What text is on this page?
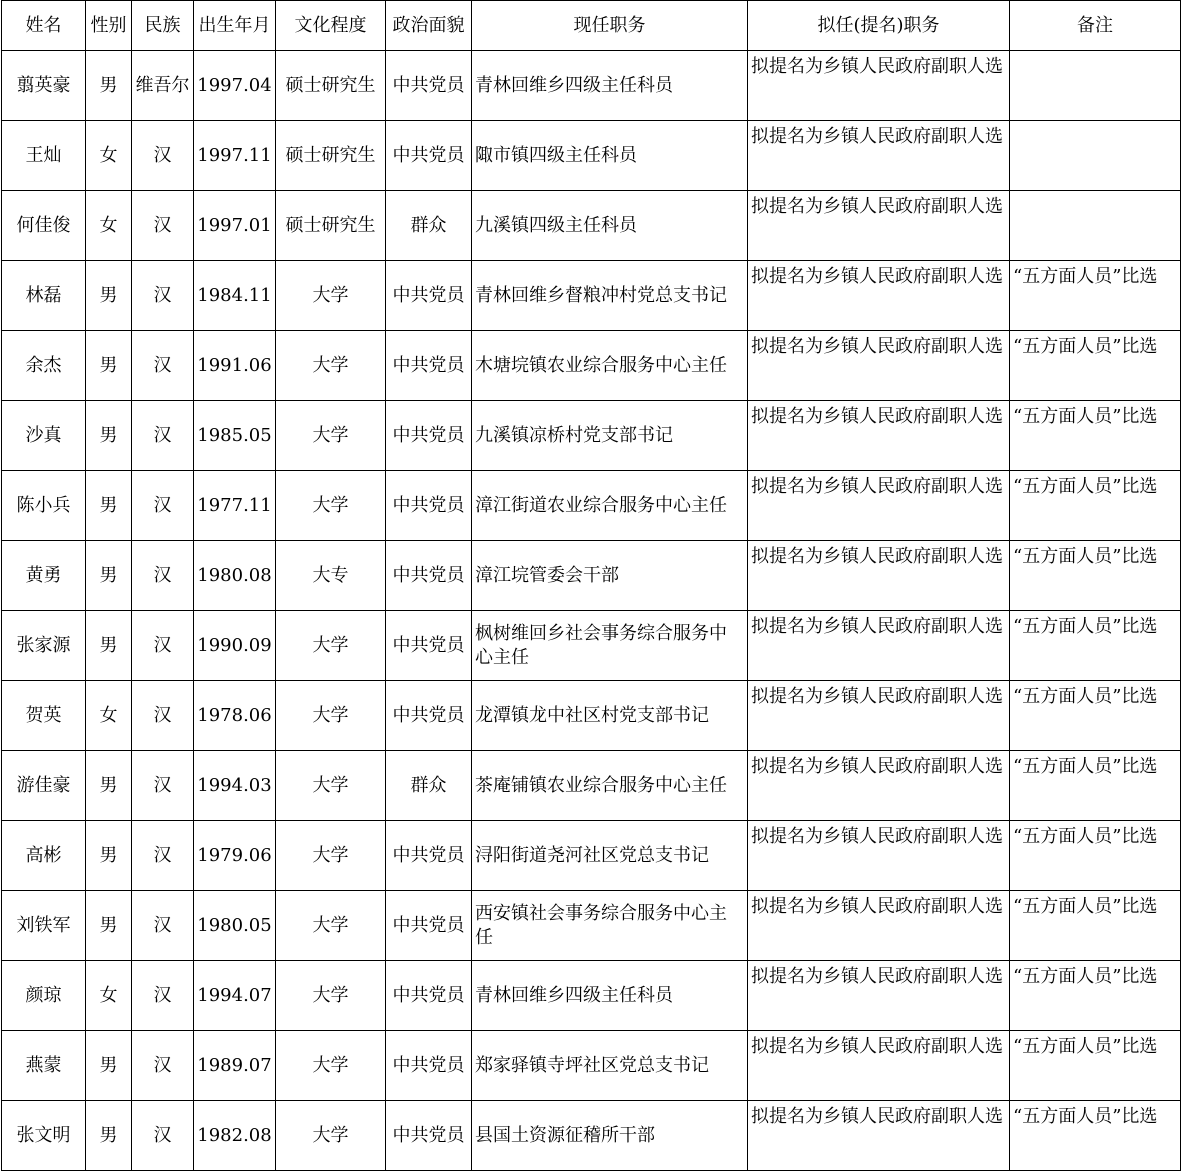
姓名	性别	民族	出生年月	文化程度	政治面貌	现任职务	拟任(提名)职务	备注
翦英豪	男	维吾尔	1997.04	硕士研究生	中共党员	青林回维乡四级主任科员	拟提名为乡镇人民政府副职人选	
王灿	女	汉	1997.11	硕士研究生	中共党员	陬市镇四级主任科员	拟提名为乡镇人民政府副职人选	
何佳俊	女	汉	1997.01	硕士研究生	群众	九溪镇四级主任科员	拟提名为乡镇人民政府副职人选	
林磊	男	汉	1984.11	大学	中共党员	青林回维乡督粮冲村党总支书记	拟提名为乡镇人民政府副职人选	“五方面人员”比选
余杰	男	汉	1991.06	大学	中共党员	木塘垸镇农业综合服务中心主任	拟提名为乡镇人民政府副职人选	“五方面人员”比选
沙真	男	汉	1985.05	大学	中共党员	九溪镇凉桥村党支部书记	拟提名为乡镇人民政府副职人选	“五方面人员”比选
陈小兵	男	汉	1977.11	大学	中共党员	漳江街道农业综合服务中心主任	拟提名为乡镇人民政府副职人选	“五方面人员”比选
黄勇	男	汉	1980.08	大专	中共党员	漳江垸管委会干部	拟提名为乡镇人民政府副职人选	“五方面人员”比选
张家源	男	汉	1990.09	大学	中共党员	枫树维回乡社会事务综合服务中心主任	拟提名为乡镇人民政府副职人选	“五方面人员”比选
贺英	女	汉	1978.06	大学	中共党员	龙潭镇龙中社区村党支部书记	拟提名为乡镇人民政府副职人选	“五方面人员”比选
游佳豪	男	汉	1994.03	大学	群众	茶庵铺镇农业综合服务中心主任	拟提名为乡镇人民政府副职人选	“五方面人员”比选
高彬	男	汉	1979.06	大学	中共党员	浔阳街道尧河社区党总支书记	拟提名为乡镇人民政府副职人选	“五方面人员”比选
刘铁军	男	汉	1980.05	大学	中共党员	西安镇社会事务综合服务中心主任	拟提名为乡镇人民政府副职人选	“五方面人员”比选
颜琼	女	汉	1994.07	大学	中共党员	青林回维乡四级主任科员	拟提名为乡镇人民政府副职人选	“五方面人员”比选
燕蒙	男	汉	1989.07	大学	中共党员	郑家驿镇寺坪社区党总支书记	拟提名为乡镇人民政府副职人选	“五方面人员”比选
张文明	男	汉	1982.08	大学	中共党员	县国土资源征稽所干部	拟提名为乡镇人民政府副职人选	“五方面人员”比选
